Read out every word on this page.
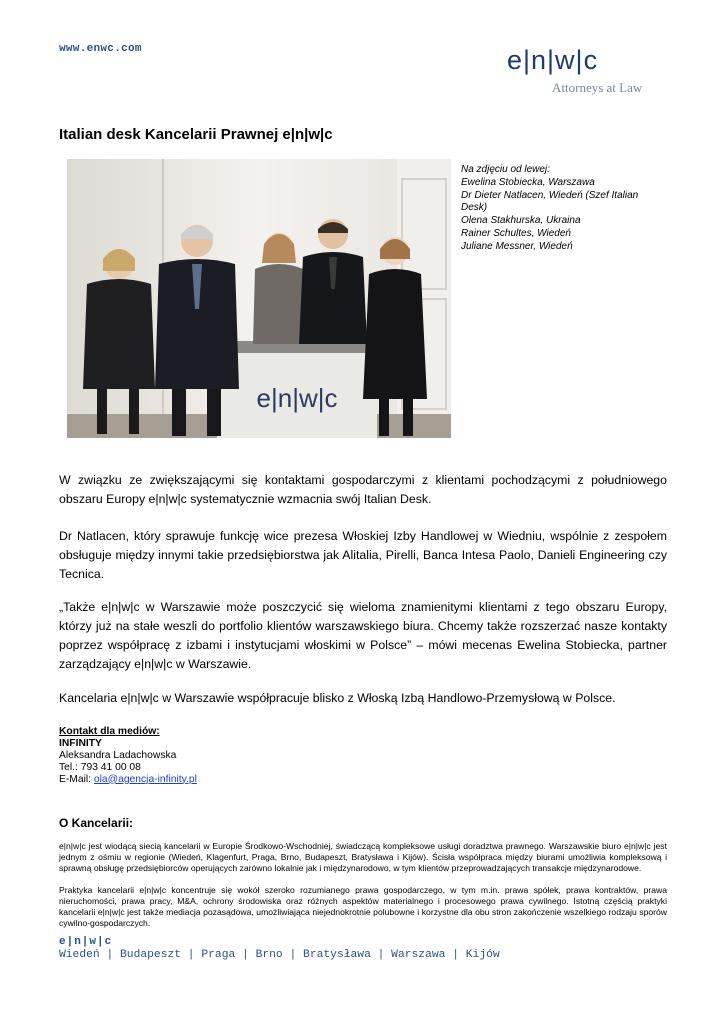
www.enwc.com	e|n|w|c
Attorneys at Law
Italian desk Kancelarii Prawnej e|n|w|c
e|n|w|c
Na zdjęciu od lewej:
Ewelina Stobiecka, Warszawa
Dr Dieter Natlacen, Wiedeń (Szef Italian Desk)
Olena Stakhurska, Ukraina
Rainer Schultes, Wiedeń
Juliane Messner, Wiedeń
W związku ze zwiększającymi się kontaktami gospodarczymi z klientami pochodzącymi z południowego obszaru Europy e|n|w|c systematycznie wzmacnia swój Italian Desk.
Dr Natlacen, który sprawuje funkcję wice prezesa Włoskiej Izby Handlowej w Wiedniu, wspólnie z zespołem obsługuje między innymi takie przedsiębiorstwa jak Alitalia, Pirelli, Banca Intesa Paolo, Danieli Engineering czy Tecnica.
„Także e|n|w|c w Warszawie może poszczycić się wieloma znamienitymi klientami z tego obszaru Europy, którzy już na stałe weszli do portfolio klientów warszawskiego biura. Chcemy także rozszerzać nasze kontakty poprzez współpracę z izbami i instytucjami włoskimi w Polsce” – mówi mecenas Ewelina Stobiecka, partner zarządzający e|n|w|c w Warszawie.
Kancelaria e|n|w|c w Warszawie współpracuje blisko z Włoską Izbą Handlowo-Przemysłową w Polsce.
Kontakt dla mediów:
INFINITY
Aleksandra Ladachowska
Tel.: 793 41 00 08
E-Mail: ola@agencja-infinity.pl
O Kancelarii:
e|n|w|c jest wiodącą siecią kancelarii w Europie Środkowo-Wschodniej, świadczącą kompleksowe usługi doradztwa prawnego. Warszawskie biuro e|n|w|c jest jednym z ośmiu w regionie (Wiedeń, Klagenfurt, Praga, Brno, Budapeszt, Bratysława i Kijów). Ścisła współpraca między biurami umożliwia kompleksową i sprawną obsługę przedsiębiorców operujących zarówno lokalnie jak i międzynarodowo, w tym klientów przeprowadzających transakcje międzynarodowe.
Praktyka kancelarii e|n|w|c koncentruje się wokół szeroko rozumianego prawa gospodarczego, w tym m.in. prawa spółek, prawa kontraktów, prawa nieruchomości, prawa pracy, M&A, ochrony środowiska oraz różnych aspektów materialnego i procesowego prawa cywilnego. Istotną częścią praktyki kancelarii e|n|w|c jest także mediacja pozasądowa, umożliwiająca niejednokrotnie polubowne i korzystne dla obu stron zakończenie wszelkiego rodzaju sporów cywilno-gospodarczych.
e|n|w|c
Wiedeń | Budapeszt | Praga | Brno | Bratysława | Warszawa | Kijów
